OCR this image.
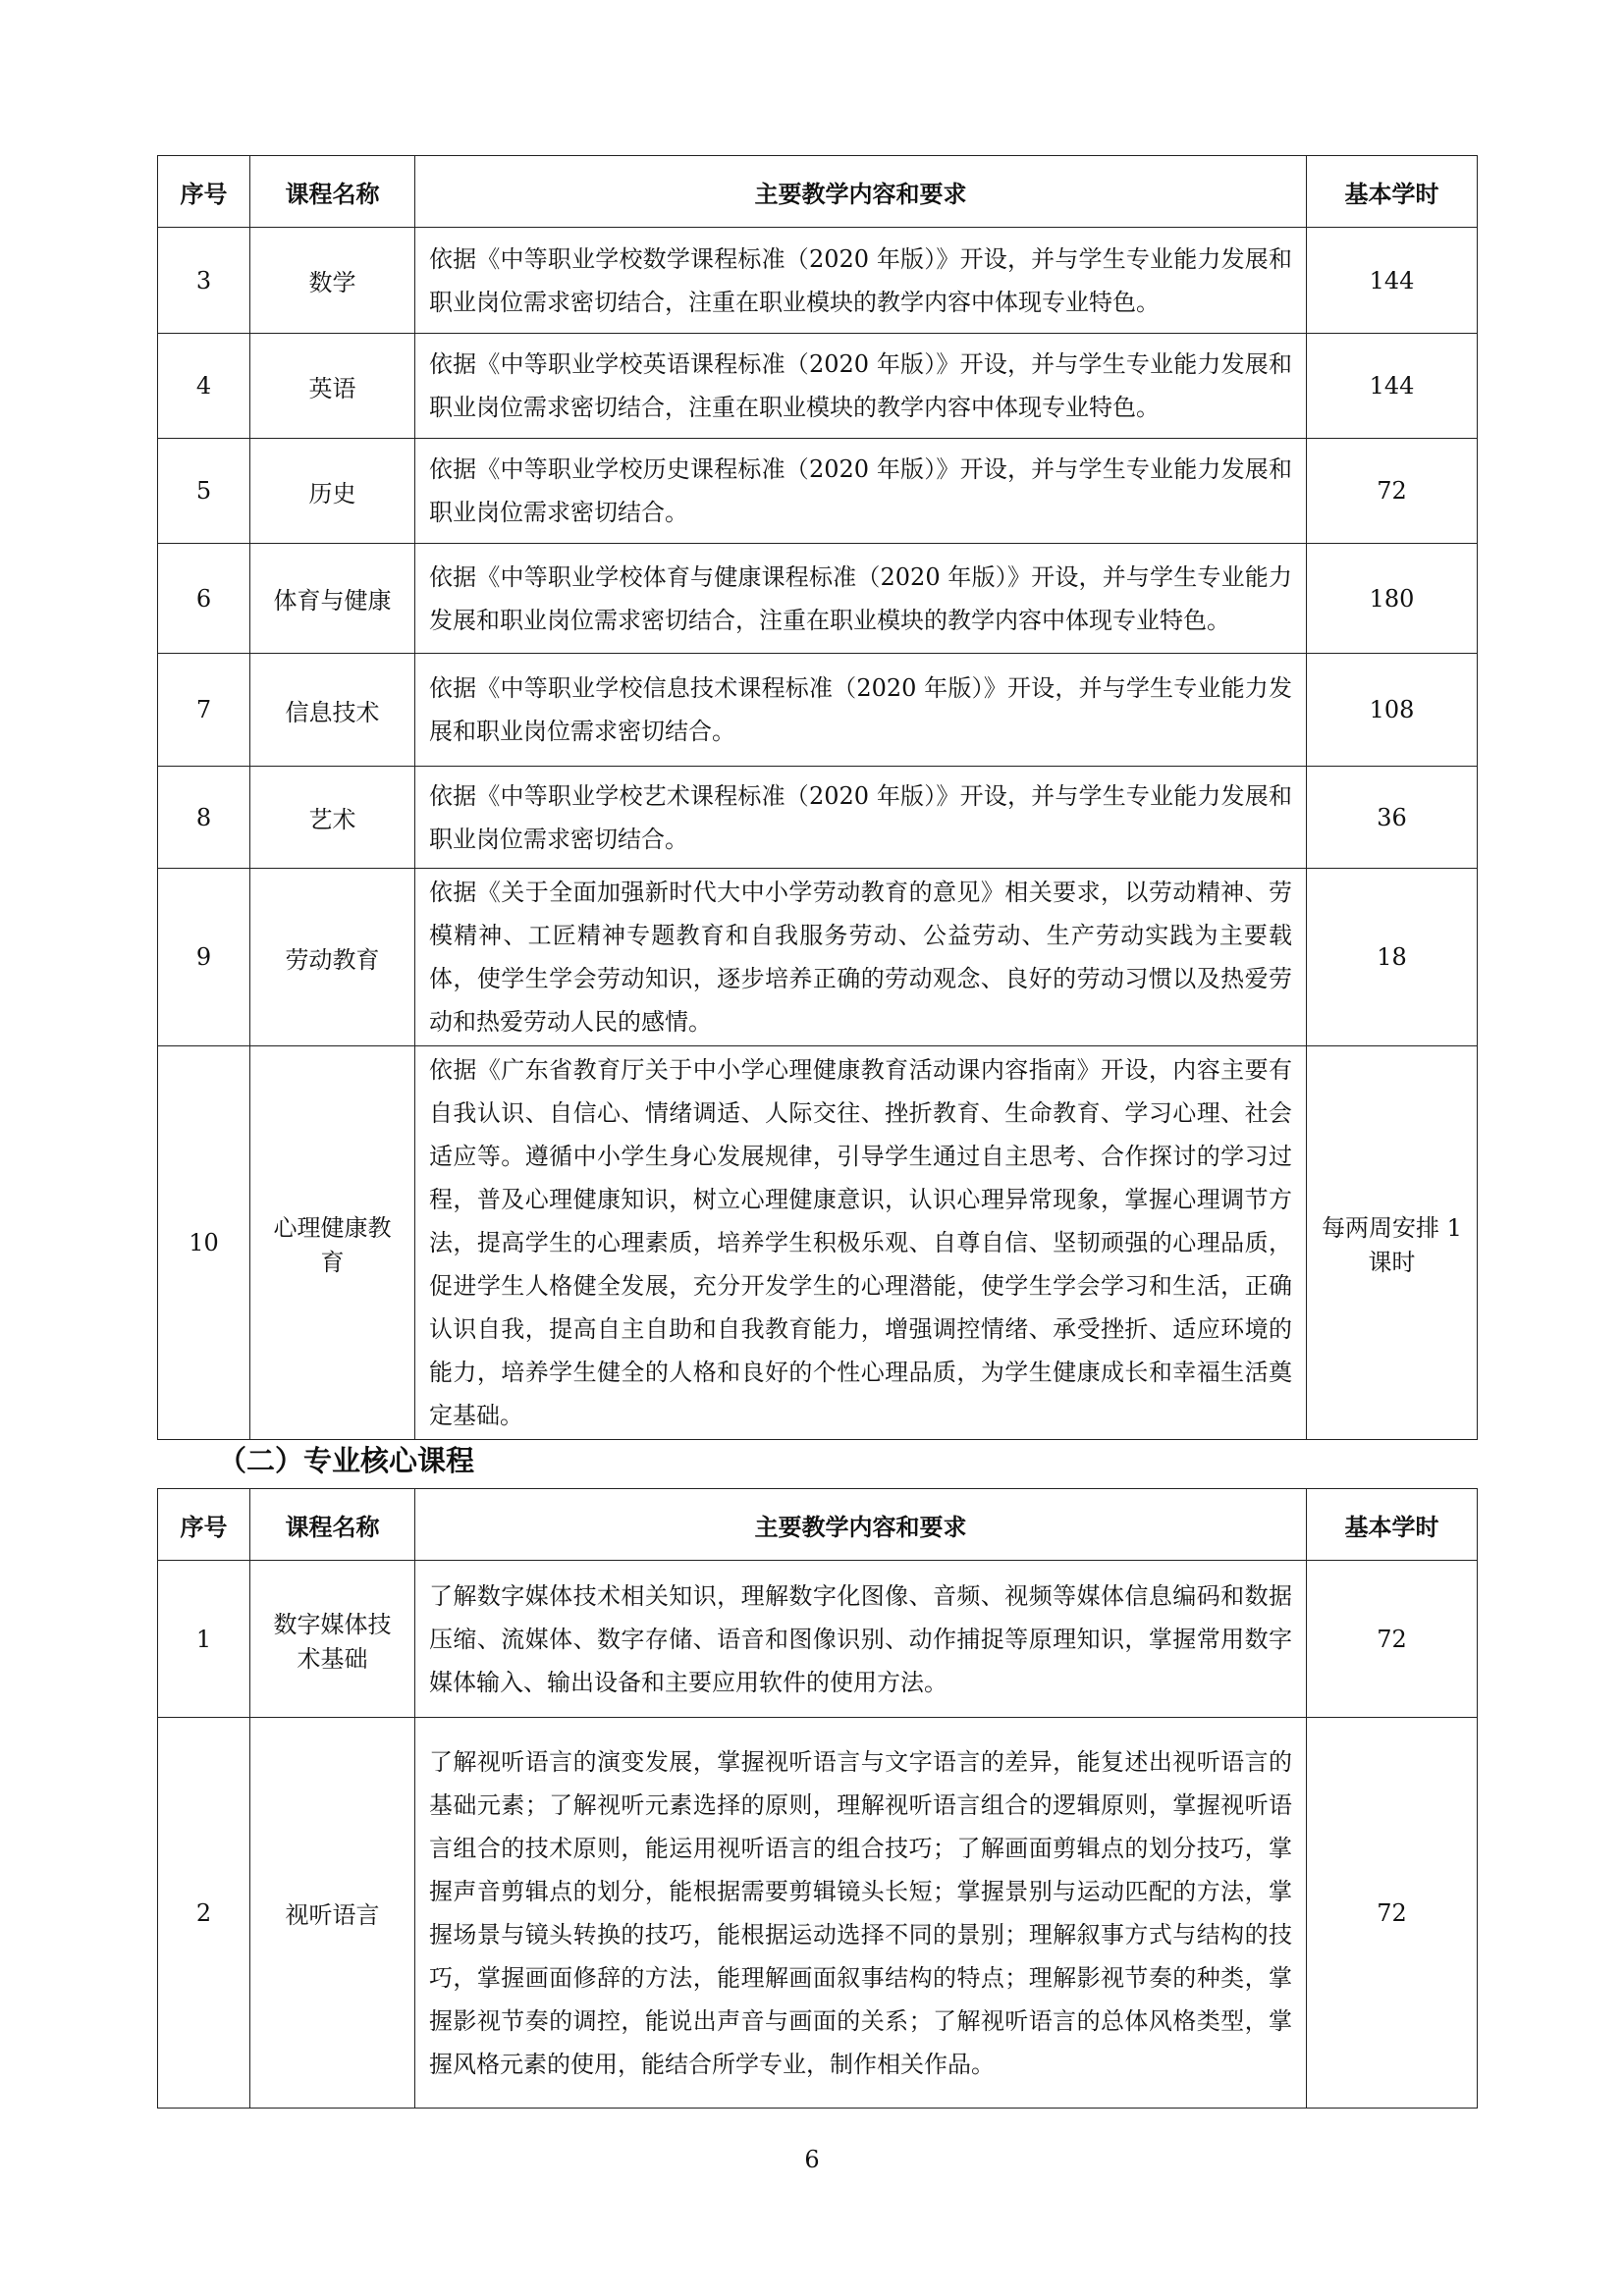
序号	课程名称	主要教学内容和要求	基本学时
3	数学	依据《中等职业学校数学课程标准（2020 年版）》开设，并与学生专业能力发展和职业岗位需求密切结合，注重在职业模块的教学内容中体现专业特色。	144
4	英语	依据《中等职业学校英语课程标准（2020 年版）》开设，并与学生专业能力发展和职业岗位需求密切结合，注重在职业模块的教学内容中体现专业特色。	144
5	历史	依据《中等职业学校历史课程标准（2020 年版）》开设，并与学生专业能力发展和职业岗位需求密切结合。	72
6	体育与健康	依据《中等职业学校体育与健康课程标准（2020 年版）》开设，并与学生专业能力发展和职业岗位需求密切结合，注重在职业模块的教学内容中体现专业特色。	180
7	信息技术	依据《中等职业学校信息技术课程标准（2020 年版）》开设，并与学生专业能力发展和职业岗位需求密切结合。	108
8	艺术	依据《中等职业学校艺术课程标准（2020 年版）》开设，并与学生专业能力发展和职业岗位需求密切结合。	36
9	劳动教育	依据《关于全面加强新时代大中小学劳动教育的意见》相关要求，以劳动精神、劳模精神、工匠精神专题教育和自我服务劳动、公益劳动、生产劳动实践为主要载体，使学生学会劳动知识，逐步培养正确的劳动观念、良好的劳动习惯以及热爱劳动和热爱劳动人民的感情。	18
10	心理健康教育	依据《广东省教育厅关于中小学心理健康教育活动课内容指南》开设，内容主要有自我认识、自信心、情绪调适、人际交往、挫折教育、生命教育、学习心理、社会适应等。遵循中小学生身心发展规律，引导学生通过自主思考、合作探讨的学习过程，普及心理健康知识，树立心理健康意识，认识心理异常现象，掌握心理调节方法，提高学生的心理素质，培养学生积极乐观、自尊自信、坚韧顽强的心理品质，促进学生人格健全发展，充分开发学生的心理潜能，使学生学会学习和生活，正确认识自我，提高自主自助和自我教育能力，增强调控情绪、承受挫折、适应环境的能力，培养学生健全的人格和良好的个性心理品质，为学生健康成长和幸福生活奠定基础。	每两周安排 1 课时
（二）专业核心课程
序号	课程名称	主要教学内容和要求	基本学时
1	数字媒体技术基础	了解数字媒体技术相关知识，理解数字化图像、音频、视频等媒体信息编码和数据压缩、流媒体、数字存储、语音和图像识别、动作捕捉等原理知识，掌握常用数字媒体输入、输出设备和主要应用软件的使用方法。	72
2	视听语言	了解视听语言的演变发展，掌握视听语言与文字语言的差异，能复述出视听语言的基础元素；了解视听元素选择的原则，理解视听语言组合的逻辑原则，掌握视听语言组合的技术原则，能运用视听语言的组合技巧；了解画面剪辑点的划分技巧，掌握声音剪辑点的划分，能根据需要剪辑镜头长短；掌握景别与运动匹配的方法，掌握场景与镜头转换的技巧，能根据运动选择不同的景别；理解叙事方式与结构的技巧，掌握画面修辞的方法，能理解画面叙事结构的特点；理解影视节奏的种类，掌握影视节奏的调控，能说出声音与画面的关系；了解视听语言的总体风格类型，掌握风格元素的使用，能结合所学专业，制作相关作品。	72
6
